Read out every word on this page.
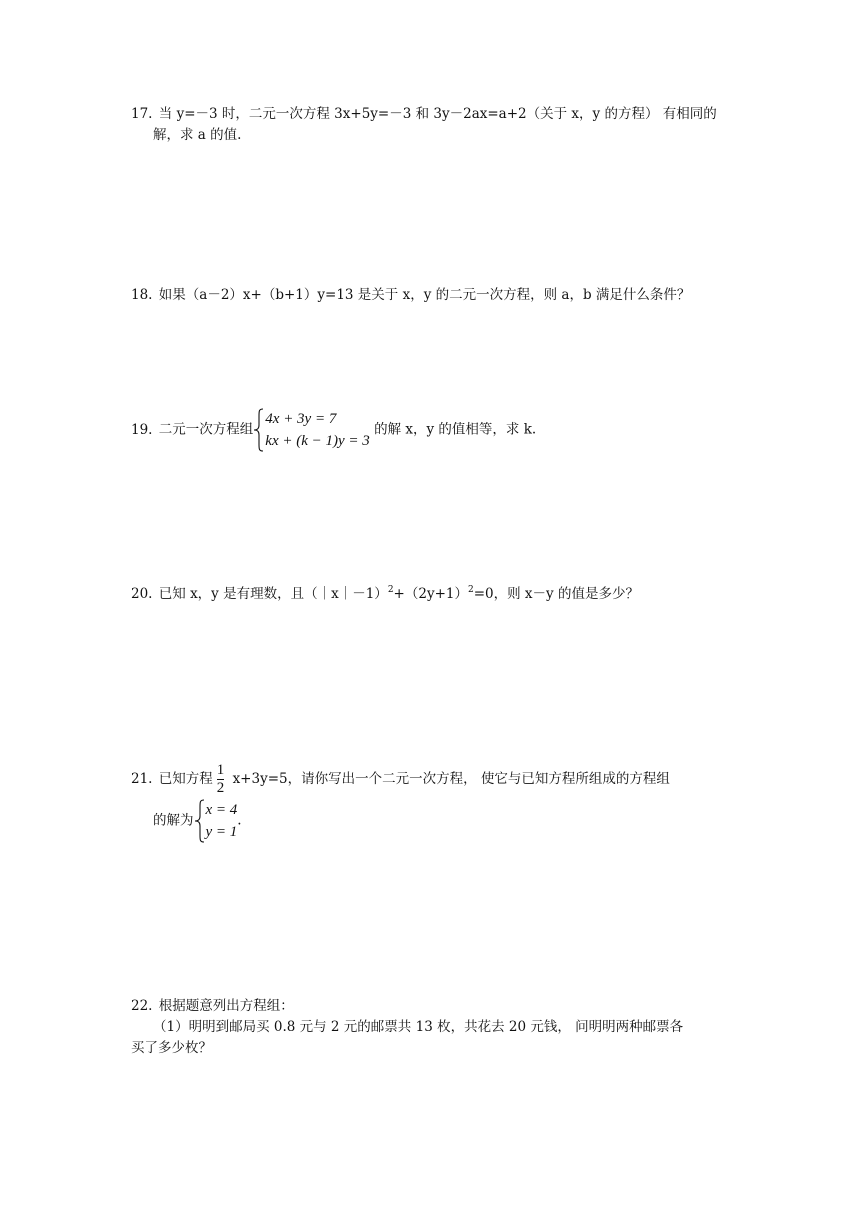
17. 当 y=－3 时，二元一次方程 3x+5y=－3 和 3y－2ax=a+2（关于 x，y 的方程） 有相同的
解，求 a 的值.
18. 如果（a－2）x+（b+1）y=13 是关于 x，y 的二元一次方程，则 a，b 满足什么条件？
19. 二元一次方程组
4x + 3y = 7
kx + (k − 1)y = 3
的解 x，y 的值相等，求 k.
20. 已知 x，y 是有理数，且$(|x|-1)^2+(2y+1)^2=0$，则 x－y 的值是多少？
21. 已知方程 $\frac{1}{2} x+3y=5$，请你写出一个二元一次方程， 使它与已知方程所组成的方程组
的解为
x = 4
y = 1
.
22. 根据题意列出方程组：
（1）明明到邮局买 0.8 元与 2 元的邮票共 13 枚，共花去 20 元钱， 问明明两种邮票各
买了多少枚？
